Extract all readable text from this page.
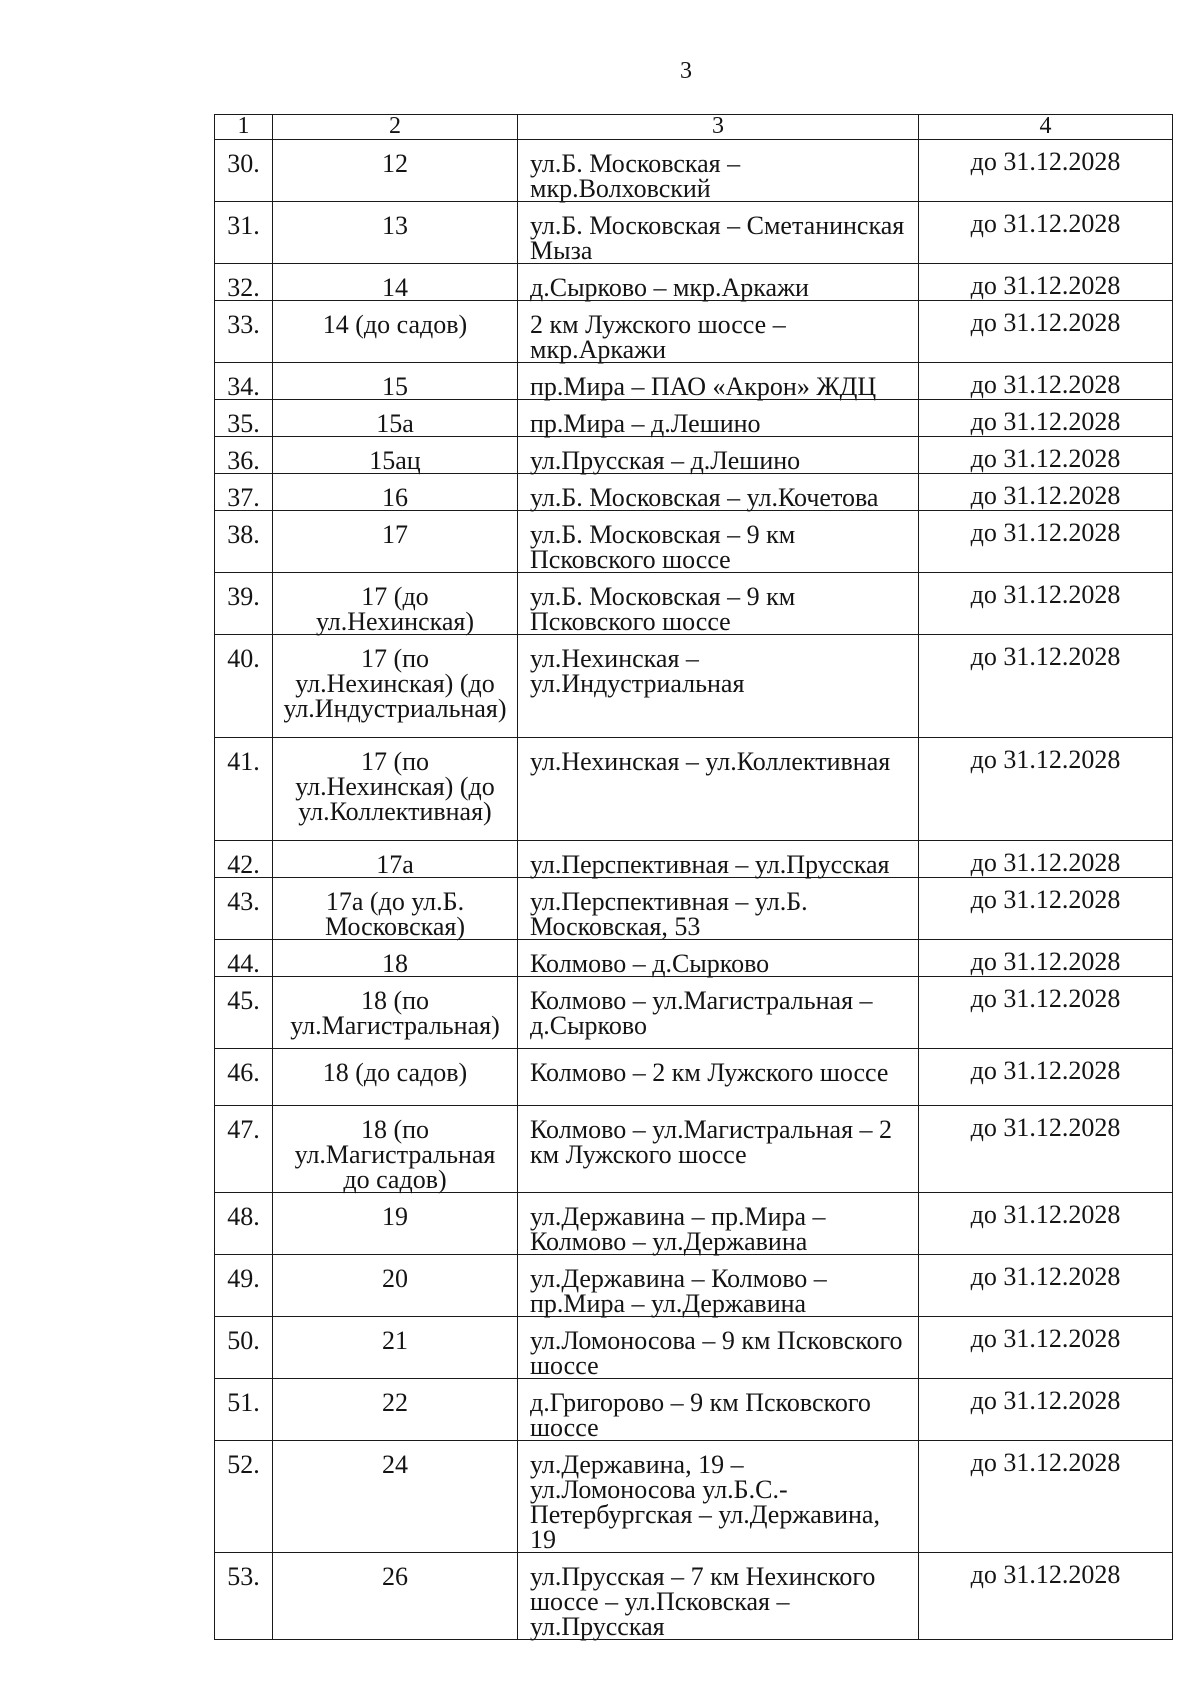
3
1	2	3	4
30.	12	ул.Б. Московская – мкр.Волховский	до 31.12.2028
31.	13	ул.Б. Московская – Сметанинская Мыза	до 31.12.2028
32.	14	д.Сырково – мкр.Аркажи	до 31.12.2028
33.	14 (до садов)	2 км Лужского шоссе – мкр.Аркажи	до 31.12.2028
34.	15	пр.Мира – ПАО «Акрон» ЖДЦ	до 31.12.2028
35.	15а	пр.Мира – д.Лешино	до 31.12.2028
36.	15ац	ул.Прусская – д.Лешино	до 31.12.2028
37.	16	ул.Б. Московская – ул.Кочетова	до 31.12.2028
38.	17	ул.Б. Московская – 9 км Псковского шоссе	до 31.12.2028
39.	17 (до ул.Нехинская)	ул.Б. Московская – 9 км Псковского шоссе	до 31.12.2028
40.	17 (по ул.Нехинская) (до ул.Индустриальная)	ул.Нехинская – ул.Индустриальная	до 31.12.2028
41.	17 (по ул.Нехинская) (до ул.Коллективная)	ул.Нехинская – ул.Коллективная	до 31.12.2028
42.	17а	ул.Перспективная – ул.Прусская	до 31.12.2028
43.	17а (до ул.Б. Московская)	ул.Перспективная – ул.Б. Московская, 53	до 31.12.2028
44.	18	Колмово – д.Сырково	до 31.12.2028
45.	18 (по ул.Магистральная)	Колмово – ул.Магистральная – д.Сырково	до 31.12.2028
46.	18 (до садов)	Колмово – 2 км Лужского шоссе	до 31.12.2028
47.	18 (по ул.Магистральная до садов)	Колмово – ул.Магистральная – 2 км Лужского шоссе	до 31.12.2028
48.	19	ул.Державина – пр.Мира –Колмово – ул.Державина	до 31.12.2028
49.	20	ул.Державина – Колмово –пр.Мира – ул.Державина	до 31.12.2028
50.	21	ул.Ломоносова – 9 км Псковского шоссе	до 31.12.2028
51.	22	д.Григорово – 9 км Псковского шоссе	до 31.12.2028
52.	24	ул.Державина, 19 – ул.Ломоносова ул.Б.С.-Петербургская – ул.Державина, 19	до 31.12.2028
53.	26	ул.Прусская – 7 км Нехинского шоссе – ул.Псковская – ул.Прусская	до 31.12.2028
